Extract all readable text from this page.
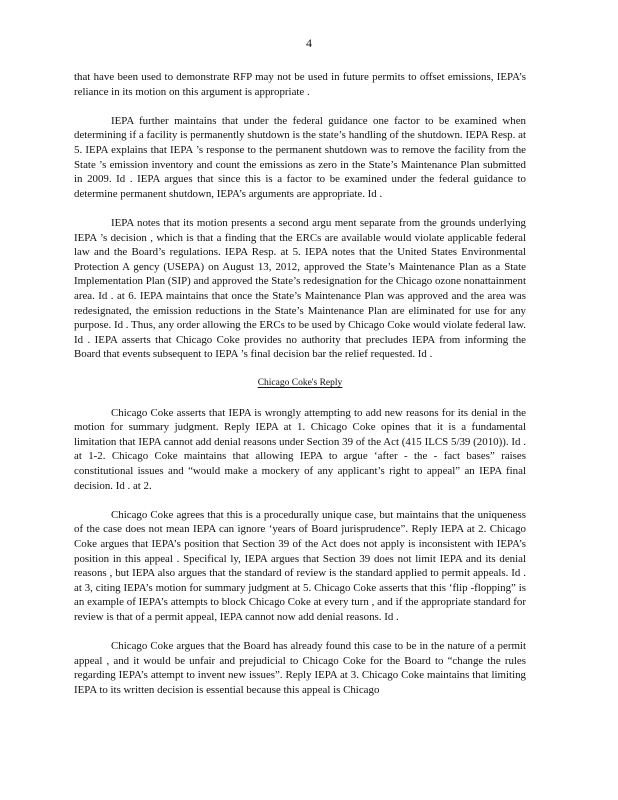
4

that have been used to demonstrate RFP may not be used in future permits to offset emissions, IEPA’s reliance in its motion on this argument is appropriate .

IEPA further maintains that under the federal guidance one factor to be examined when determining if a facility is permanently shutdown is the state’s handling of the shutdown. IEPA Resp. at 5. IEPA explains that IEPA ’s response to the permanent shutdown was to remove the facility from the State ’s emission inventory and count the emissions as zero in the State’s Maintenance Plan submitted in 2009. Id . IEPA argues that since this is a factor to be examined under the federal guidance to determine permanent shutdown, IEPA’s arguments are appropriate. Id .

IEPA notes that its motion presents a second argu ment separate from the grounds underlying IEPA ’s decision , which is that a finding that the ERCs are available would violate applicable federal law and the Board’s regulations. IEPA Resp. at 5. IEPA notes that the United States Environmental Protection A gency (USEPA) on August 13, 2012, approved the State’s Maintenance Plan as a State Implementation Plan (SIP) and approved the State’s redesignation for the Chicago ozone nonattainment area. Id . at 6. IEPA maintains that once the State’s Maintenance Plan was approved and the area was redesignated, the emission reductions in the State’s Maintenance Plan are eliminated for use for any purpose. Id . Thus, any order allowing the ERCs to be used by Chicago Coke would violate federal law. Id . IEPA asserts that Chicago Coke provides no authority that precludes IEPA from informing the Board that events subsequent to IEPA ’s final decision bar the relief requested. Id .

Chicago Coke's Reply

Chicago Coke asserts that IEPA is wrongly attempting to add new reasons for its denial in the motion for summary judgment. Reply IEPA at 1. Chicago Coke opines that it is a fundamental limitation that IEPA cannot add denial reasons under Section 39 of the Act (415 ILCS 5/39 (2010)). Id . at 1-2. Chicago Coke maintains that allowing IEPA to argue ‘after - the - fact bases” raises constitutional issues and “would make a mockery of any applicant’s right to appeal” an IEPA final decision. Id . at 2.

Chicago Coke agrees that this is a procedurally unique case, but maintains that the uniqueness of the case does not mean IEPA can ignore ‘years of Board jurisprudence”. Reply IEPA at 2. Chicago Coke argues that IEPA’s position that Section 39 of the Act does not apply is inconsistent with IEPA’s position in this appeal . Specifical ly, IEPA argues that Section 39 does not limit IEPA and its denial reasons , but IEPA also argues that the standard of review is the standard applied to permit appeals. Id . at 3, citing IEPA’s motion for summary judgment at 5. Chicago Coke asserts that this ‘flip -flopping” is an example of IEPA’s attempts to block Chicago Coke at every turn , and if the appropriate standard for review is that of a permit appeal, IEPA cannot now add denial reasons. Id .

Chicago Coke argues that the Board has already found this case to be in the nature of a permit appeal , and it would be unfair and prejudicial to Chicago Coke for the Board to “change the rules regarding IEPA’s attempt to invent new issues”. Reply IEPA at 3. Chicago Coke maintains that limiting IEPA to its written decision is essential because this appeal is Chicago
